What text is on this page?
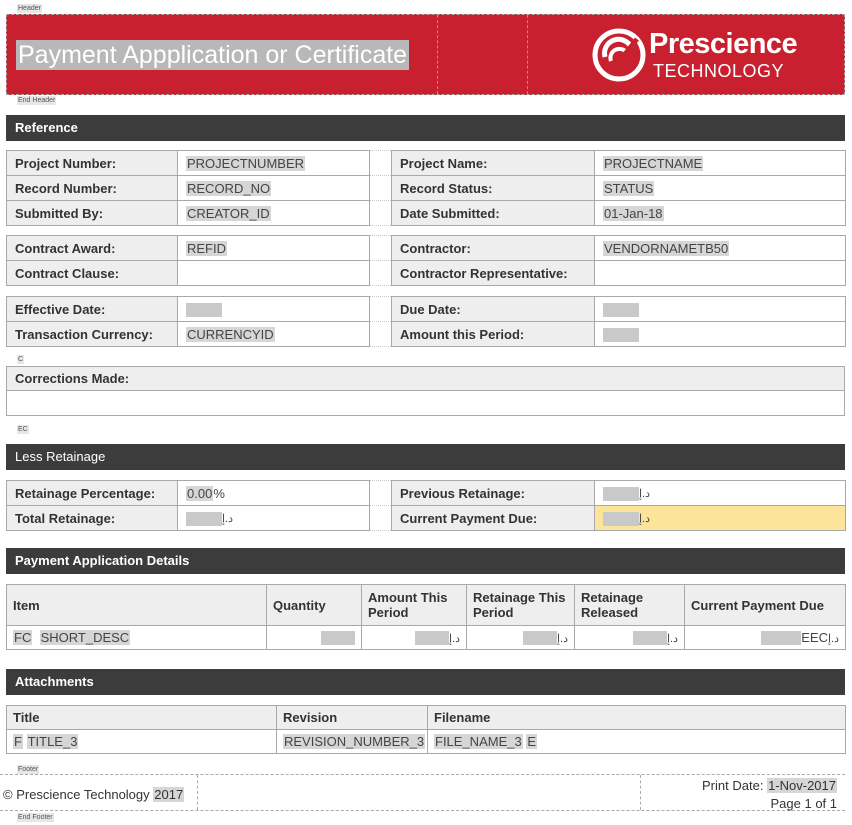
Header
End Header
C
EC
Footer
End Footer
Payment Appplication or Certificate	Prescience
TECHNOLOGY
Reference
Project Number:	PROJECTNUMBER		Project Name:	PROJECTNAME
Record Number:	RECORD_NO		Record Status:	STATUS
Submitted By:	CREATOR_ID		Date Submitted:	01-Jan-18
Contract Award:	REFID		Contractor:	VENDORNAMETB50
Contract Clause:			Contractor Representative:	
Effective Date:			Due Date:	
Transaction Currency:	CURRENCYID		Amount this Period:	
Corrections Made:
Less Retainage
Retainage Percentage:	0.00%		Previous Retainage:	د.إ
Total Retainage:	د.إ		Current Payment Due:	د.إ
Payment Application Details
Item	Quantity	Amount This Period	Retainage This Period	Retainage Released	Current Payment Due
FC SHORT_DESC		د.إ	د.إ	د.إ	EECد.إ
Attachments
Title	Revision	Filename
F TITLE_3	REVISION_NUMBER_3	FILE_NAME_3 E
© Prescience Technology 2017
Print Date: 1-Nov-2017
Page 1 of 1
